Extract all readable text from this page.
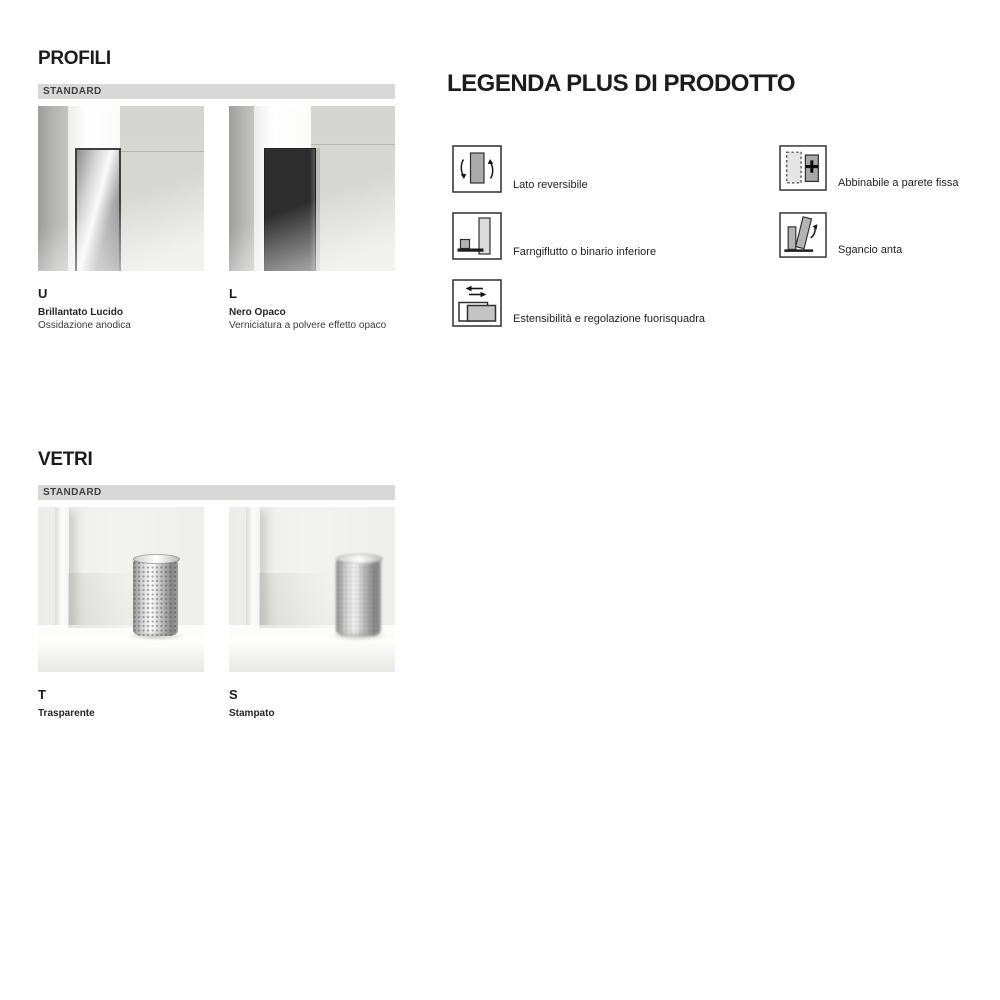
PROFILI
STANDARD
U
Brillantato Lucido
Ossidazione anodica
L
Nero Opaco
Verniciatura a polvere effetto opaco
LEGENDA PLUS DI PRODOTTO
Lato reversibile
Farngiflutto o binario inferiore
Estensibilità e regolazione fuorisquadra
Abbinabile a parete fissa
Sgancio anta
VETRI
STANDARD
T
Trasparente
S
Stampato
